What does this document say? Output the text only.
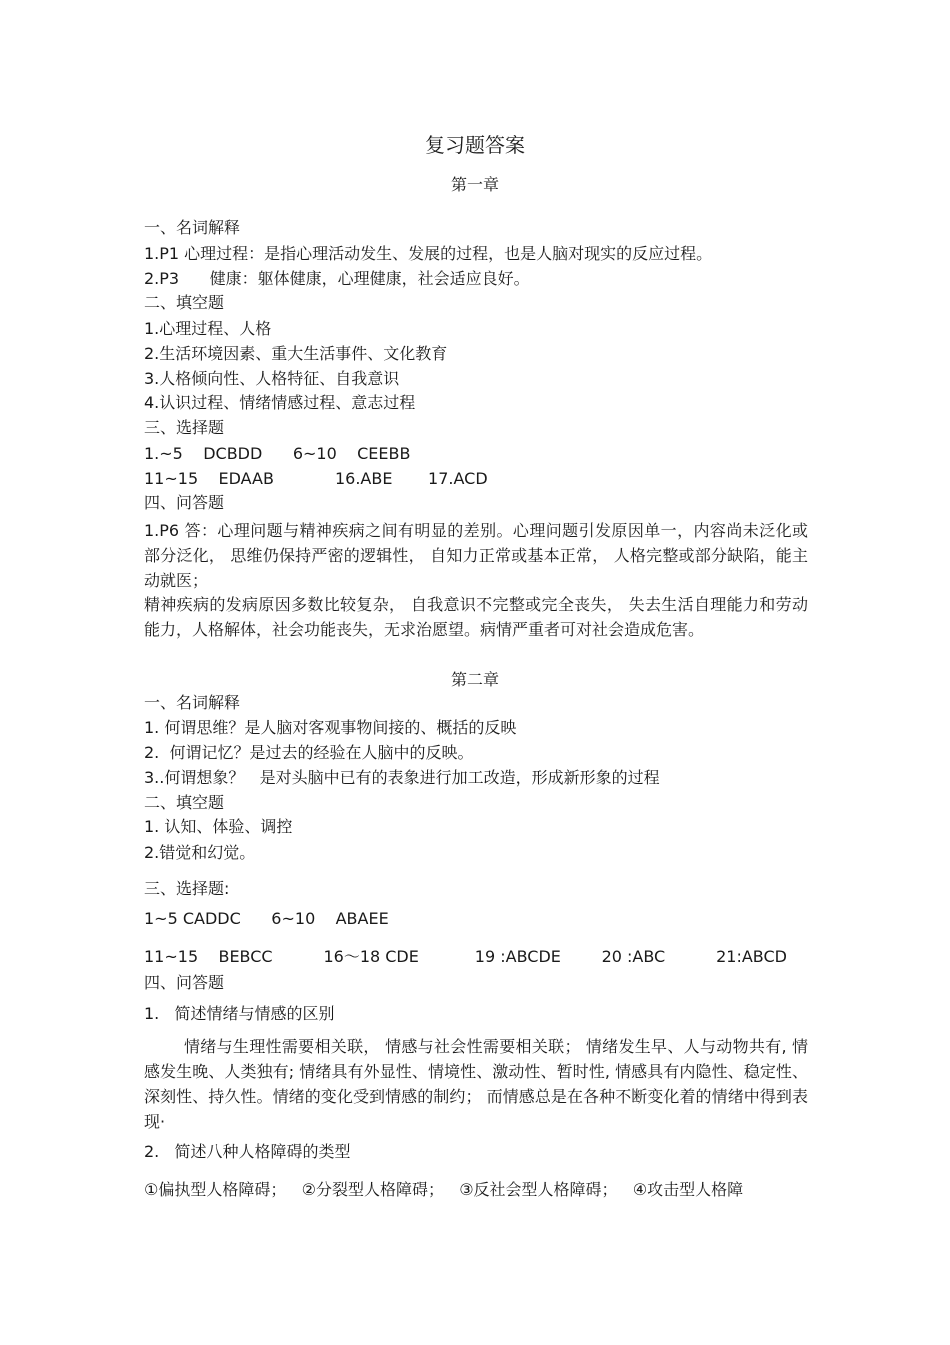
复习题答案
第一章
一、名词解释
1.P1 心理过程：是指心理活动发生、发展的过程，也是人脑对现实的反应过程。
2.P3      健康：躯体健康，心理健康，社会适应良好。
二、填空题
1.心理过程、人格
2.生活环境因素、重大生活事件、文化教育
3.人格倾向性、人格特征、自我意识
4.认识过程、情绪情感过程、意志过程
三、选择题
1.~5    DCBDD      6~10    CEEBB
11~15    EDAAB            16.ABE       17.ACD
四、问答题
1.P6 答：心理问题与精神疾病之间有明显的差别。心理问题引发原因单一，内容尚未泛化或部分泛化， 思维仍保持严密的逻辑性， 自知力正常或基本正常， 人格完整或部分缺陷，能主动就医；
精神疾病的发病原因多数比较复杂， 自我意识不完整或完全丧失， 失去生活自理能力和劳动能力，人格解体，社会功能丧失，无求治愿望。病情严重者可对社会造成危害。
第二章
一、名词解释
1. 何谓思维？是人脑对客观事物间接的、概括的反映
2.  何谓记忆？是过去的经验在人脑中的反映。
3..何谓想象？   是对头脑中已有的表象进行加工改造，形成新形象的过程
二、填空题
1. 认知、体验、调控
2.错觉和幻觉。
三、选择题:
1~5 CADDC      6~10    ABAEE
11~15    BEBCC          16～18 CDE           19 :ABCDE        20 :ABC          21:ABCD
四、问答题
1.   简述情绪与情感的区别
情绪与生理性需要相关联， 情感与社会性需要相关联； 情绪发生早、人与动物共有, 情感发生晚、人类独有; 情绪具有外显性、情境性、激动性、暂时性, 情感具有内隐性、稳定性、深刻性、持久性。情绪的变化受到情感的制约； 而情感总是在各种不断变化着的情绪中得到表现·
2.   简述八种人格障碍的类型
①偏执型人格障碍；   ②分裂型人格障碍；   ③反社会型人格障碍；   ④攻击型人格障
